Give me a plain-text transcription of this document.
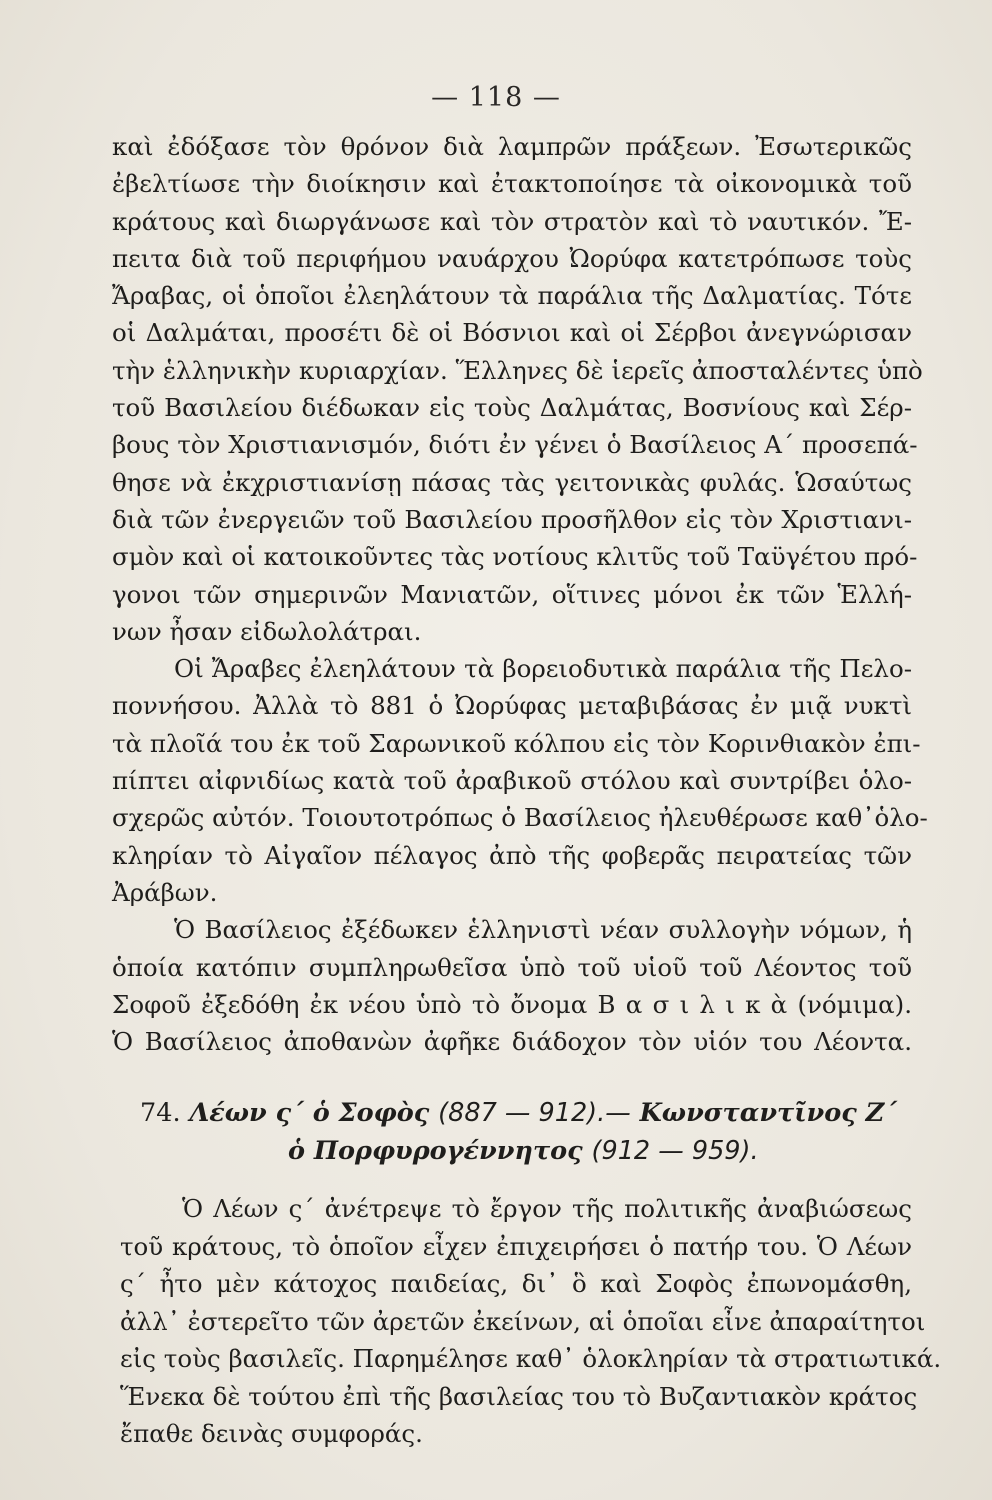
— 118 —
καὶ ἐδόξασε τὸν θρόνον διὰ λαμπρῶν πράξεων. Ἐσωτερικῶς
ἐβελτίωσε τὴν διοίκησιν καὶ ἐτακτοποίησε τὰ οἰκονομικὰ τοῦ
κράτους καὶ διωργάνωσε καὶ τὸν στρατὸν καὶ τὸ ναυτικόν. Ἔ-
πειτα διὰ τοῦ περιφήμου ναυάρχου Ὠορύφα κατετρόπωσε τοὺς
Ἄραβας, οἱ ὁποῖοι ἐλεηλάτουν τὰ παράλια τῆς Δαλματίας. Τότε
οἱ Δαλμάται, προσέτι δὲ οἱ Βόσνιοι καὶ οἱ Σέρβοι ἀνεγνώρισαν
τὴν ἑλληνικὴν κυριαρχίαν. Ἕλληνες δὲ ἱερεῖς ἀποσταλέντες ὑπὸ
τοῦ Βασιλείου διέδωκαν εἰς τοὺς Δαλμάτας, Βοσνίους καὶ Σέρ-
βους τὸν Χριστιανισμόν, διότι ἐν γένει ὁ Βασίλειος Α΄ προσεπά-
θησε νὰ ἐκχριστιανίσῃ πάσας τὰς γειτονικὰς φυλάς. Ὡσαύτως
διὰ τῶν ἐνεργειῶν τοῦ Βασιλείου προσῆλθον εἰς τὸν Χριστιανι-
σμὸν καὶ οἱ κατοικοῦντες τὰς νοτίους κλιτῦς τοῦ Ταϋγέτου πρό-
γονοι τῶν σημερινῶν Μανιατῶν, οἵτινες μόνοι ἐκ τῶν Ἑλλή-
νων ἦσαν εἰδωλολάτραι.
Οἱ Ἄραβες ἐλεηλάτουν τὰ βορειοδυτικὰ παράλια τῆς Πελο-
ποννήσου. Ἀλλὰ τὸ 881 ὁ Ὠορύφας μεταβιβάσας ἐν μιᾷ νυκτὶ
τὰ πλοῖά του ἐκ τοῦ Σαρωνικοῦ κόλπου εἰς τὸν Κορινθιακὸν ἐπι-
πίπτει αἰφνιδίως κατὰ τοῦ ἀραβικοῦ στόλου καὶ συντρίβει ὁλο-
σχερῶς αὐτόν. Τοιουτοτρόπως ὁ Βασίλειος ἠλευθέρωσε καθ᾿ὁλο-
κληρίαν τὸ Αἰγαῖον πέλαγος ἀπὸ τῆς φοβερᾶς πειρατείας τῶν
Ἀράβων.
Ὁ Βασίλειος ἐξέδωκεν ἑλληνιστὶ νέαν συλλογὴν νόμων, ἡ
ὁποία κατόπιν συμπληρωθεῖσα ὑπὸ τοῦ υἱοῦ τοῦ Λέοντος τοῦ
Σοφοῦ ἐξεδόθη ἐκ νέου ὑπὸ τὸ ὄνομα Β α σ ι λ ι κ ὰ (νόμιμα).
Ὁ Βασίλειος ἀποθανὼν ἀφῆκε διάδοχον τὸν υἱόν του Λέοντα.
74. Λέων ς΄ ὁ Σοφὸς (887 — 912).— Κωνσταντῖνος Ζ΄
ὁ Πορφυρογέννητος (912 — 959).
Ὁ Λέων ς΄ ἀνέτρεψε τὸ ἔργον τῆς πολιτικῆς ἀναβιώσεως
τοῦ κράτους, τὸ ὁποῖον εἶχεν ἐπιχειρήσει ὁ πατήρ του. Ὁ Λέων
ς΄ ἦτο μὲν κάτοχος παιδείας, δι᾿ ὃ καὶ Σοφὸς ἐπωνομάσθη,
ἀλλ᾿ ἐστερεῖτο τῶν ἀρετῶν ἐκείνων, αἱ ὁποῖαι εἶνε ἀπαραίτητοι
εἰς τοὺς βασιλεῖς. Παρημέλησε καθ᾿ ὁλοκληρίαν τὰ στρατιωτικά.
Ἕνεκα δὲ τούτου ἐπὶ τῆς βασιλείας του τὸ Βυζαντιακὸν κράτος
ἔπαθε δεινὰς συμφοράς.
